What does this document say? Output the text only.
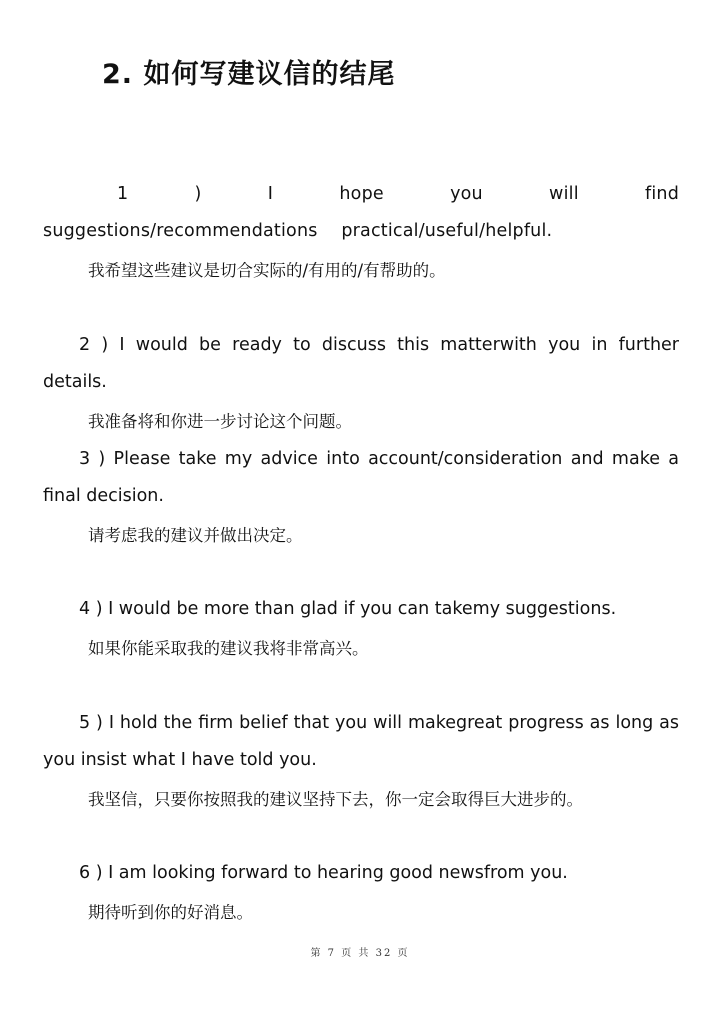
2. 如何写建议信的结尾

1 ) I hope you will find suggestions/recommendations practical/useful/helpful.

我希望这些建议是切合实际的/有用的/有帮助的。

2 ) I would be ready to discuss this matterwith you in further details.

我准备将和你进一步讨论这个问题。

3 ) Please take my advice into account/consideration and make a final decision.

请考虑我的建议并做出决定。

4 ) I would be more than glad if you can takemy suggestions.

如果你能采取我的建议我将非常高兴。

5 ) I hold the firm belief that you will makegreat progress as long as you insist what I have told you.

我坚信，只要你按照我的建议坚持下去，你一定会取得巨大进步的。

6 ) I am looking forward to hearing good newsfrom you.

期待听到你的好消息。
第 7 页 共 32 页
